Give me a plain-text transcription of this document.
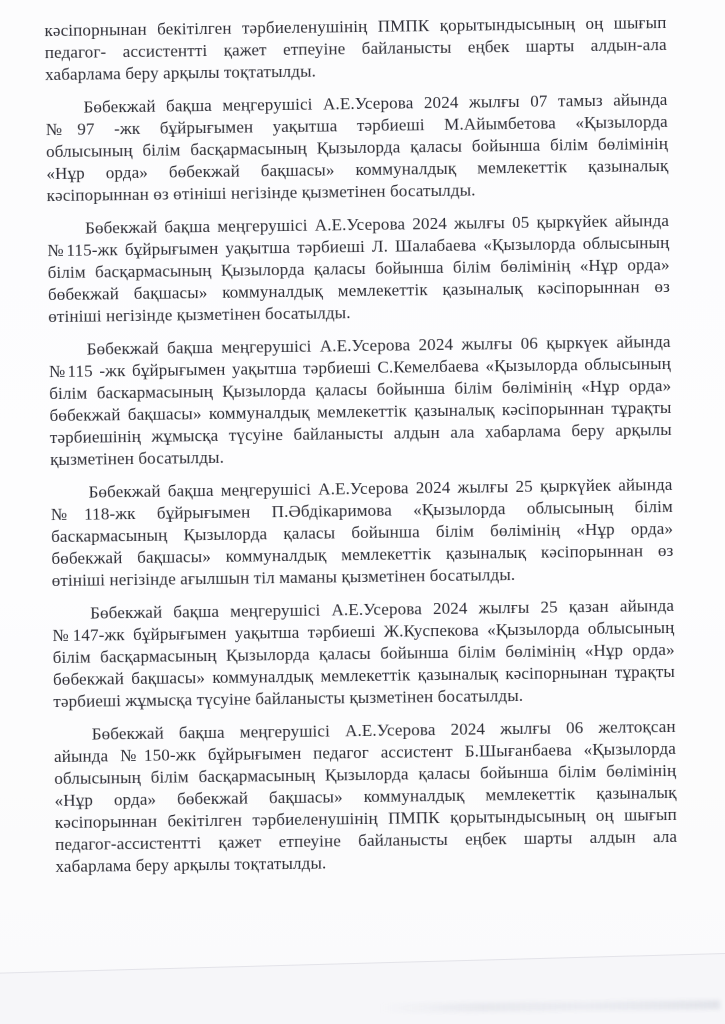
кәсіпорнынан бекітілген тәрбиеленушінің ПМПК қорытындысының оң шығып
педагог- ассистентті қажет етпеуіне байланысты еңбек шарты алдын-ала
хабарлама беру арқылы тоқтатылды.

Бөбекжай бақша меңгерушісі А.Е.Усерова 2024 жылғы 07 тамыз айында
№97 -жк бұйрығымен уақытша тәрбиеші М.Айымбетова «Қызылорда
облысының білім басқармасының Қызылорда қаласы бойынша білім бөлімінің
«Нұр орда» бөбекжай бақшасы» коммуналдық мемлекеттік қазыналық
кәсіпорыннан өз өтініші негізінде қызметінен босатылды.

Бөбекжай бақша меңгерушісі А.Е.Усерова 2024 жылғы 05 қыркүйек айында
№115-жк бұйрығымен уақытша тәрбиеші Л. Шалабаева «Қызылорда облысының
білім басқармасының Қызылорда қаласы бойынша білім бөлімінің «Нұр орда»
бөбекжай бақшасы» коммуналдық мемлекеттік қазыналық кәсіпорыннан өз
өтініші негізінде қызметінен босатылды.

Бөбекжай бақша меңгерушісі А.Е.Усерова 2024 жылғы 06 қыркүек айында
№115 -жк бұйрығымен уақытша тәрбиеші С.Кемелбаева «Қызылорда облысының
білім баскармасының Қызылорда қаласы бойынша білім бөлімінің «Нұр орда»
бөбекжай бақшасы» коммуналдық мемлекеттік қазыналық кәсіпорыннан тұрақты
тәрбиешінің жұмысқа түсуіне байланысты алдын ала хабарлама беру арқылы
қызметінен босатылды.

Бөбекжай бақша меңгерушісі А.Е.Усерова 2024 жылғы 25 қыркүйек айында
№118-жк бұйрығымен П.Әбдікаримова «Қызылорда облысының білім
баскармасының Қызылорда қаласы бойынша білім бөлімінің «Нұр орда»
бөбекжай бақшасы» коммуналдық мемлекеттік қазыналық кәсіпорыннан өз
өтініші негізінде ағылшын тіл маманы қызметінен босатылды.

Бөбекжай бақша меңгерушісі А.Е.Усерова 2024 жылғы 25 қазан айында
№147-жк бұйрығымен уақытша тәрбиеші Ж.Куспекова «Қызылорда облысының
білім басқармасының Қызылорда қаласы бойынша білім бөлімінің «Нұр орда»
бөбекжай бақшасы» коммуналдық мемлекеттік қазыналық кәсіпорнынан тұрақты
тәрбиеші жұмысқа түсуіне байланысты қызметінен босатылды.

Бөбекжай бақша меңгерушісі А.Е.Усерова 2024 жылғы 06 желтоқсан
айында №150-жк бұйрығымен педагог ассистент Б.Шығанбаева «Қызылорда
облысының білім басқармасының Қызылорда қаласы бойынша білім бөлімінің
«Нұр орда» бөбекжай бақшасы» коммуналдық мемлекеттік қазыналық
кәсіпорыннан бекітілген тәрбиеленушінің ПМПК қорытындысының оң шығып
педагог-ассистентті қажет етпеуіне байланысты еңбек шарты алдын ала
хабарлама беру арқылы тоқтатылды.
